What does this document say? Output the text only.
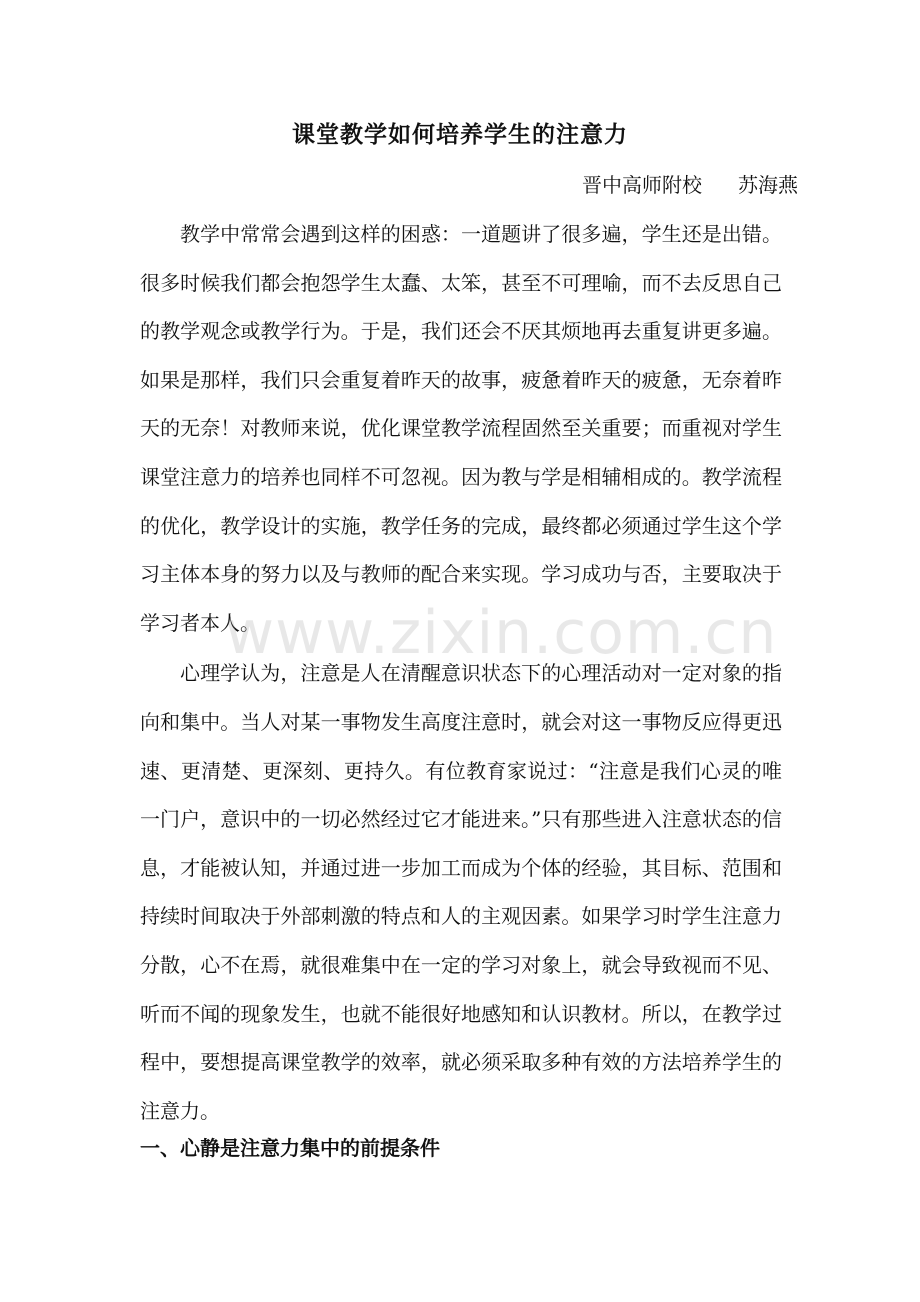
课堂教学如何培养学生的注意力
晋中高师附校 苏海燕

教学中常常会遇到这样的困惑：一道题讲了很多遍，学生还是出错。很多时候我们都会抱怨学生太蠢、太笨，甚至不可理喻，而不去反思自己的教学观念或教学行为。于是，我们还会不厌其烦地再去重复讲更多遍。如果是那样，我们只会重复着昨天的故事，疲惫着昨天的疲惫，无奈着昨天的无奈！对教师来说，优化课堂教学流程固然至关重要；而重视对学生课堂注意力的培养也同样不可忽视。因为教与学是相辅相成的。教学流程的优化，教学设计的实施，教学任务的完成，最终都必须通过学生这个学习主体本身的努力以及与教师的配合来实现。学习成功与否，主要取决于学习者本人。

心理学认为，注意是人在清醒意识状态下的心理活动对一定对象的指向和集中。当人对某一事物发生高度注意时，就会对这一事物反应得更迅速、更清楚、更深刻、更持久。有位教育家说过：“注意是我们心灵的唯一门户，意识中的一切必然经过它才能进来。”只有那些进入注意状态的信息，才能被认知，并通过进一步加工而成为个体的经验，其目标、范围和持续时间取决于外部刺激的特点和人的主观因素。如果学习时学生注意力分散，心不在焉，就很难集中在一定的学习对象上，就会导致视而不见、听而不闻的现象发生，也就不能很好地感知和认识教材。所以，在教学过程中，要想提高课堂教学的效率，就必须采取多种有效的方法培养学生的注意力。

一、心静是注意力集中的前提条件
www.zixin.com.cn
